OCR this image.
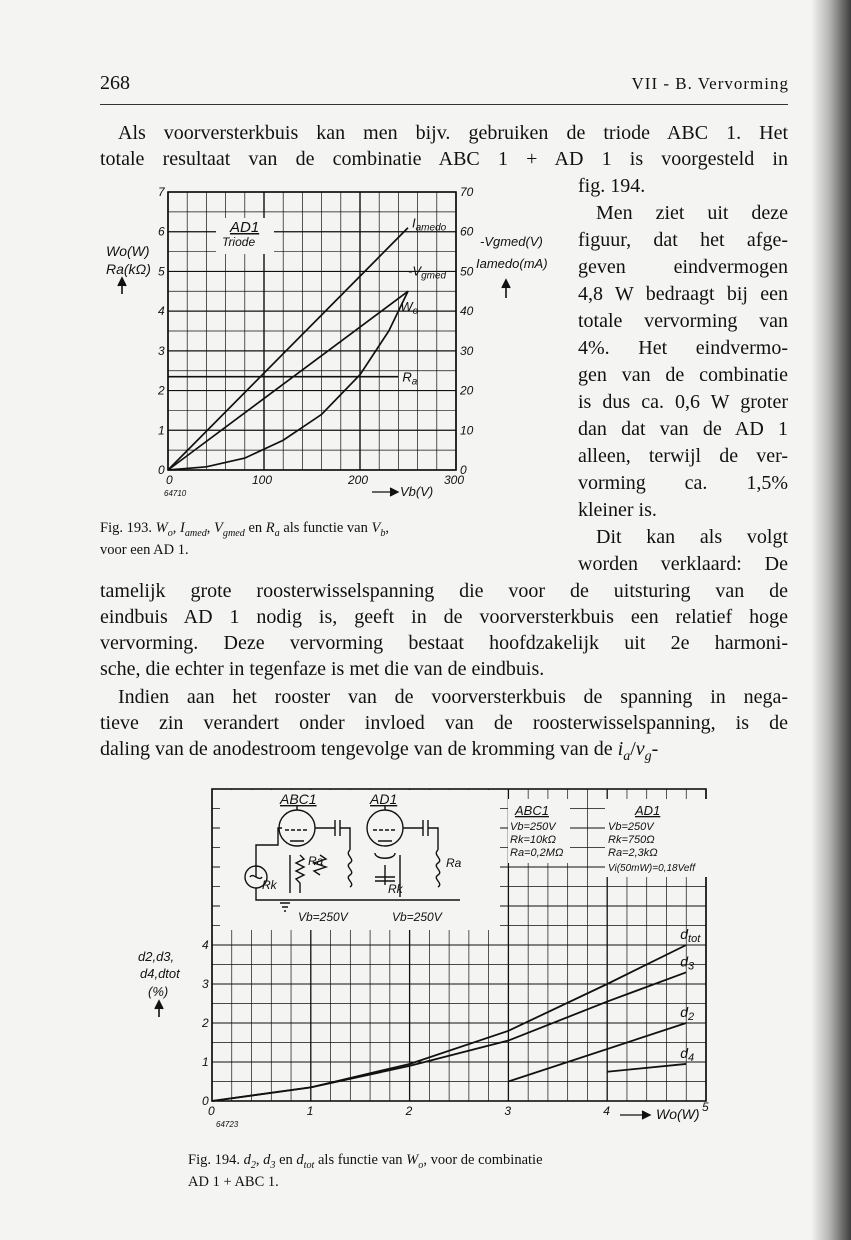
268	VII - B. Vervorming
Als voorversterkbuis kan men bijv. gebruiken de triode ABC 1. Het
totale resultaat van de combinatie ABC 1 + AD 1 is voorgesteld in
fig. 194.
Men ziet uit deze
figuur, dat het afge-
geven eindvermogen
4,8 W bedraagt bij een
totale vervorming van
4%. Het eindvermo-
gen van de combinatie
is dus ca. 0,6 W groter
dan dat van de AD 1
alleen, terwijl de ver-
vorming ca. 1,5%
kleiner is.
Dit kan als volgt
worden verklaard: De
tamelijk grote roosterwisselspanning die voor de uitsturing van de
eindbuis AD 1 nodig is, geeft in de voorversterkbuis een relatief hoge
vervorming. Deze vervorming bestaat hoofdzakelijk uit 2e harmoni-
sche, die echter in tegenfaze is met die van de eindbuis.
Indien aan het rooster van de voorversterkbuis de spanning in nega-
tieve zin verandert onder invloed van de roosterwisselspanning, is de
daling van de anodestroom tengevolge van de kromming van de $i_a/v_g-$
0	100	200	300
0
1
2
3
4
5
6
7
0
10
20
30
40
50
60
70
AD1
Triode
Wo(W)
Ra(kΩ)
-Vgmed(V)
Iamedo(mA)
Vb(V)
64710
$I_{amedo}$
$-V_{gmed}$
$W_o$
$R_a$
Fig. 193. $W_o$, $I_{amed}$, $V_{gmed}$ en $R_a$ als functie van $V_b$,
voor een AD 1.
ABC1	AD1
Ra	Ra
Rk	Rk
Vb=250V	Vb=250V
ABC1
Vb=250V
Rk=10kΩ
Ra=0,2MΩ
AD1
Vb=250V
Rk=750Ω
Ra=2,3kΩ
Vi(50mW)=0,18Veff
0	1	2	3	4	5
0
1
2
3
4
d2,d3,
d4,dtot
(%)
Wo(W)
64723
$d_{tot}$
$d_3$
$d_2$
$d_4$
Fig. 194. $d_2$, $d_3$ en $d_{tot}$ als functie van $W_o$, voor de combinatie
AD 1 + ABC 1.
